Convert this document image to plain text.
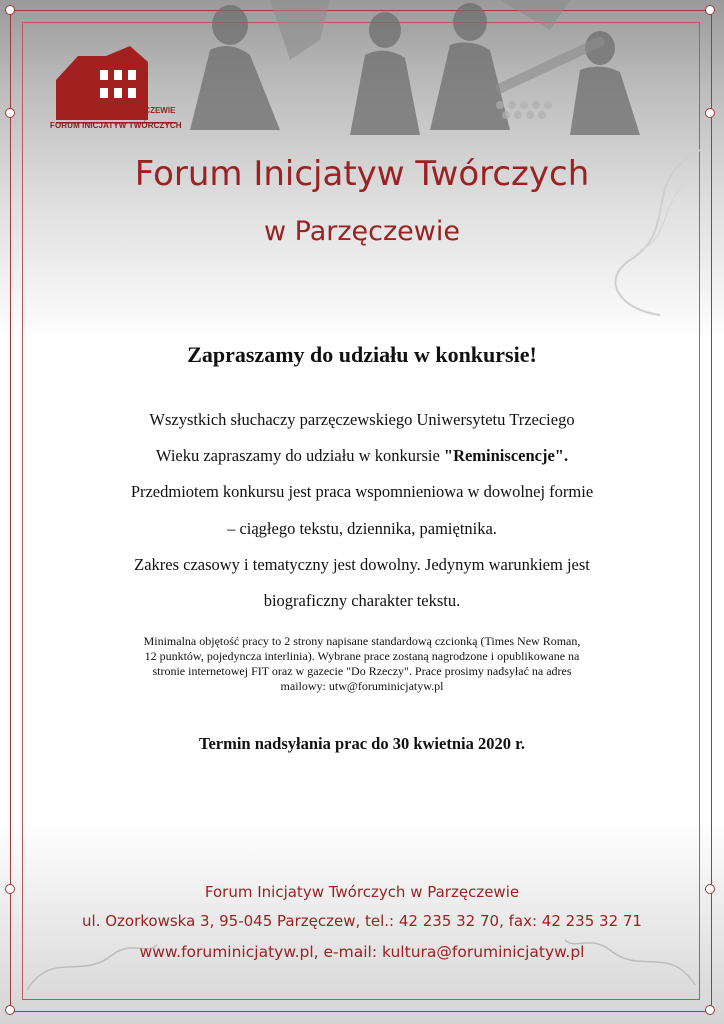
FIT W PARZĘCZEWIE
FORUM INICJATYW TWÓRCZYCH
Forum Inicjatyw Twórczych
w Parzęczewie
Zapraszamy do udziału w konkursie!
Wszystkich słuchaczy parzęczewskiego Uniwersytetu Trzeciego
Wieku zapraszamy do udziału w konkursie "Reminiscencje".
Przedmiotem konkursu jest praca wspomnieniowa w dowolnej formie
– ciągłego tekstu, dziennika, pamiętnika.
Zakres czasowy i tematyczny jest dowolny. Jedynym warunkiem jest
biograficzny charakter tekstu.
Minimalna objętość pracy to 2 strony napisane standardową czcionką (Times New Roman,
12 punktów, pojedyncza interlinia). Wybrane prace zostaną nagrodzone i opublikowane na
stronie internetowej FIT oraz w gazecie "Do Rzeczy". Prace prosimy nadsyłać na adres
mailowy: utw@foruminicjatyw.pl
Termin nadsyłania prac do 30 kwietnia 2020 r.
Forum Inicjatyw Twórczych w Parzęczewie
ul. Ozorkowska 3, 95-045 Parzęczew, tel.: 42 235 32 70, fax: 42 235 32 71
www.foruminicjatyw.pl, e-mail: kultura@foruminicjatyw.pl
